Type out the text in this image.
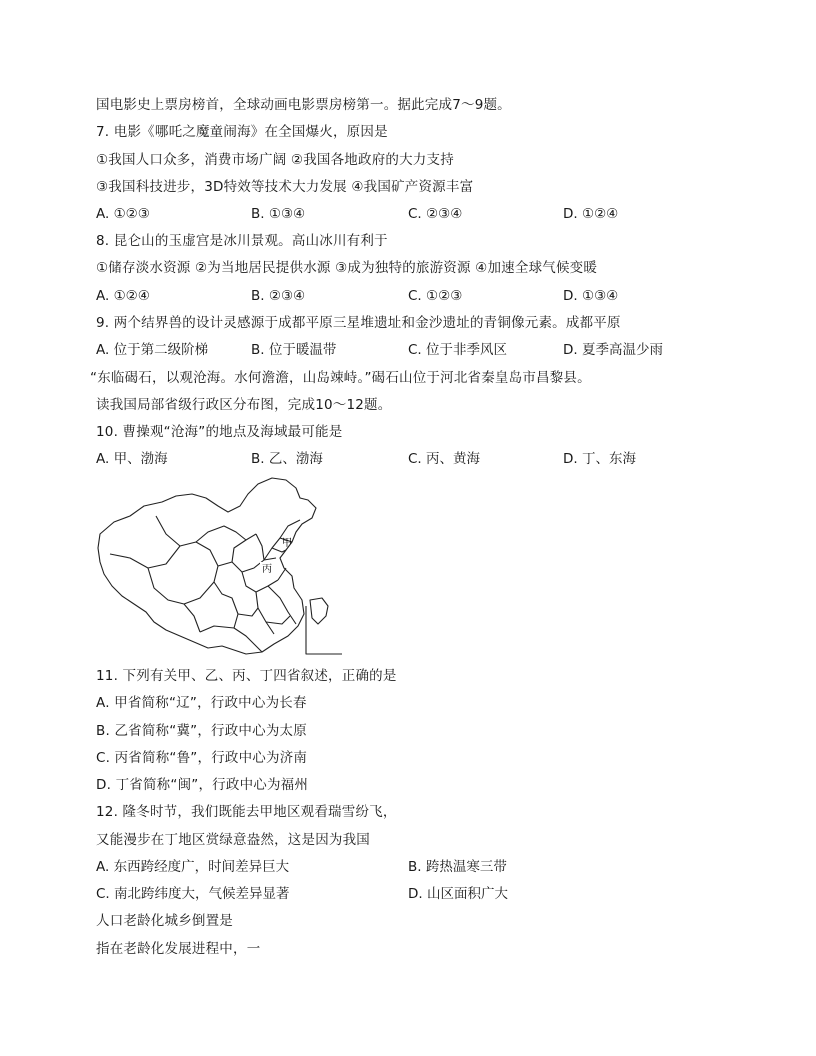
国电影史上票房榜首，全球动画电影票房榜第一。据此完成7～9题。
7. 电影《哪吒之魔童闹海》在全国爆火，原因是
①我国人口众多，消费市场广阔 ②我国各地政府的大力支持
③我国科技进步，3D特效等技术大力发展 ④我国矿产资源丰富
A. ①②③	B. ①③④	C. ②③④	D. ①②④
8. 昆仑山的玉虚宫是冰川景观。高山冰川有利于
①储存淡水资源 ②为当地居民提供水源 ③成为独特的旅游资源 ④加速全球气候变暖
A. ①②④	B. ②③④	C. ①②③	D. ①③④
9. 两个结界兽的设计灵感源于成都平原三星堆遗址和金沙遗址的青铜像元素。成都平原
A. 位于第二级阶梯	B. 位于暖温带	C. 位于非季风区	D. 夏季高温少雨
“东临碣石，以观沧海。水何澹澹，山岛竦峙。”碣石山位于河北省秦皇岛市昌黎县。
读我国局部省级行政区分布图，完成10～12题。
10. 曹操观“沧海”的地点及海域最可能是
A. 甲、渤海	B. 乙、渤海	C. 丙、黄海	D. 丁、东海
甲
丙
11. 下列有关甲、乙、丙、丁四省叙述，正确的是
A. 甲省简称“辽”，行政中心为长春
B. 乙省简称“冀”，行政中心为太原
C. 丙省简称“鲁”，行政中心为济南
D. 丁省简称“闽”，行政中心为福州
12. 隆冬时节，我们既能去甲地区观看瑞雪纷飞，
又能漫步在丁地区赏绿意盎然，这是因为我国
A. 东西跨经度广，时间差异巨大	B. 跨热温寒三带
C. 南北跨纬度大，气候差异显著	D. 山区面积广大
人口老龄化城乡倒置是
指在老龄化发展进程中，一
